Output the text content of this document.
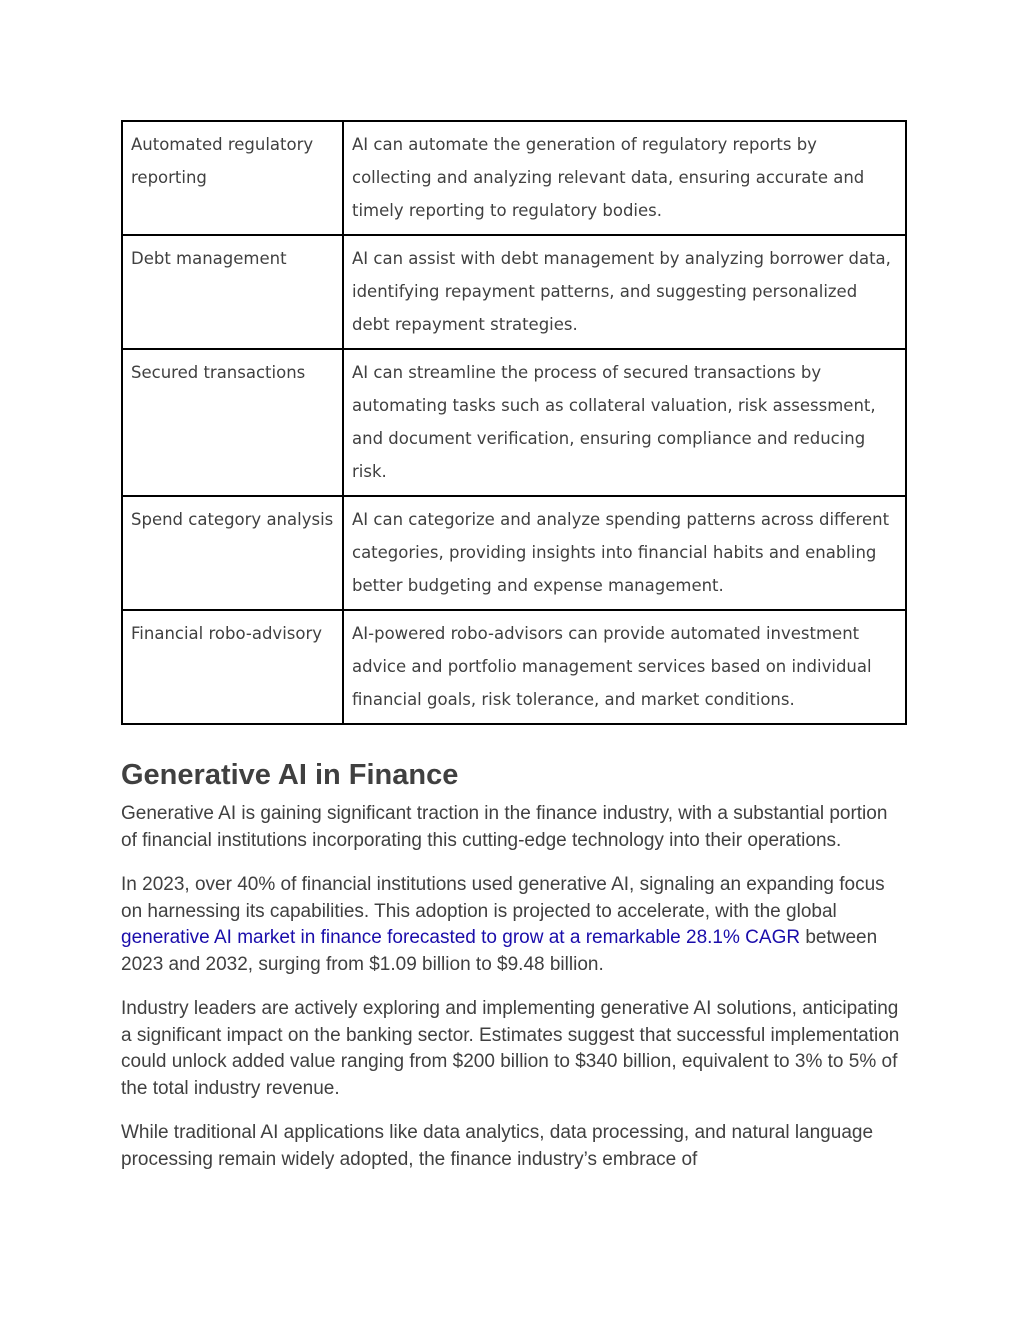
Automated regulatory reporting	AI can automate the generation of regulatory reports by collecting and analyzing relevant data, ensuring accurate and timely reporting to regulatory bodies.
Debt management	AI can assist with debt management by analyzing borrower data, identifying repayment patterns, and suggesting personalized debt repayment strategies.
Secured transactions	AI can streamline the process of secured transactions by automating tasks such as collateral valuation, risk assessment, and document verification, ensuring compliance and reducing risk.
Spend category analysis	AI can categorize and analyze spending patterns across different categories, providing insights into financial habits and enabling better budgeting and expense management.
Financial robo-advisory	AI-powered robo-advisors can provide automated investment advice and portfolio management services based on individual financial goals, risk tolerance, and market conditions.
Generative AI in Finance

Generative AI is gaining significant traction in the finance industry, with a substantial portion of financial institutions incorporating this cutting-edge technology into their operations.

In 2023, over 40% of financial institutions used generative AI, signaling an expanding focus on harnessing its capabilities. This adoption is projected to accelerate, with the global generative AI market in finance forecasted to grow at a remarkable 28.1% CAGR between 2023 and 2032, surging from $1.09 billion to $9.48 billion.

Industry leaders are actively exploring and implementing generative AI solutions, anticipating a significant impact on the banking sector. Estimates suggest that successful implementation could unlock added value ranging from $200 billion to $340 billion, equivalent to 3% to 5% of the total industry revenue.

While traditional AI applications like data analytics, data processing, and natural language processing remain widely adopted, the finance industry’s embrace of
